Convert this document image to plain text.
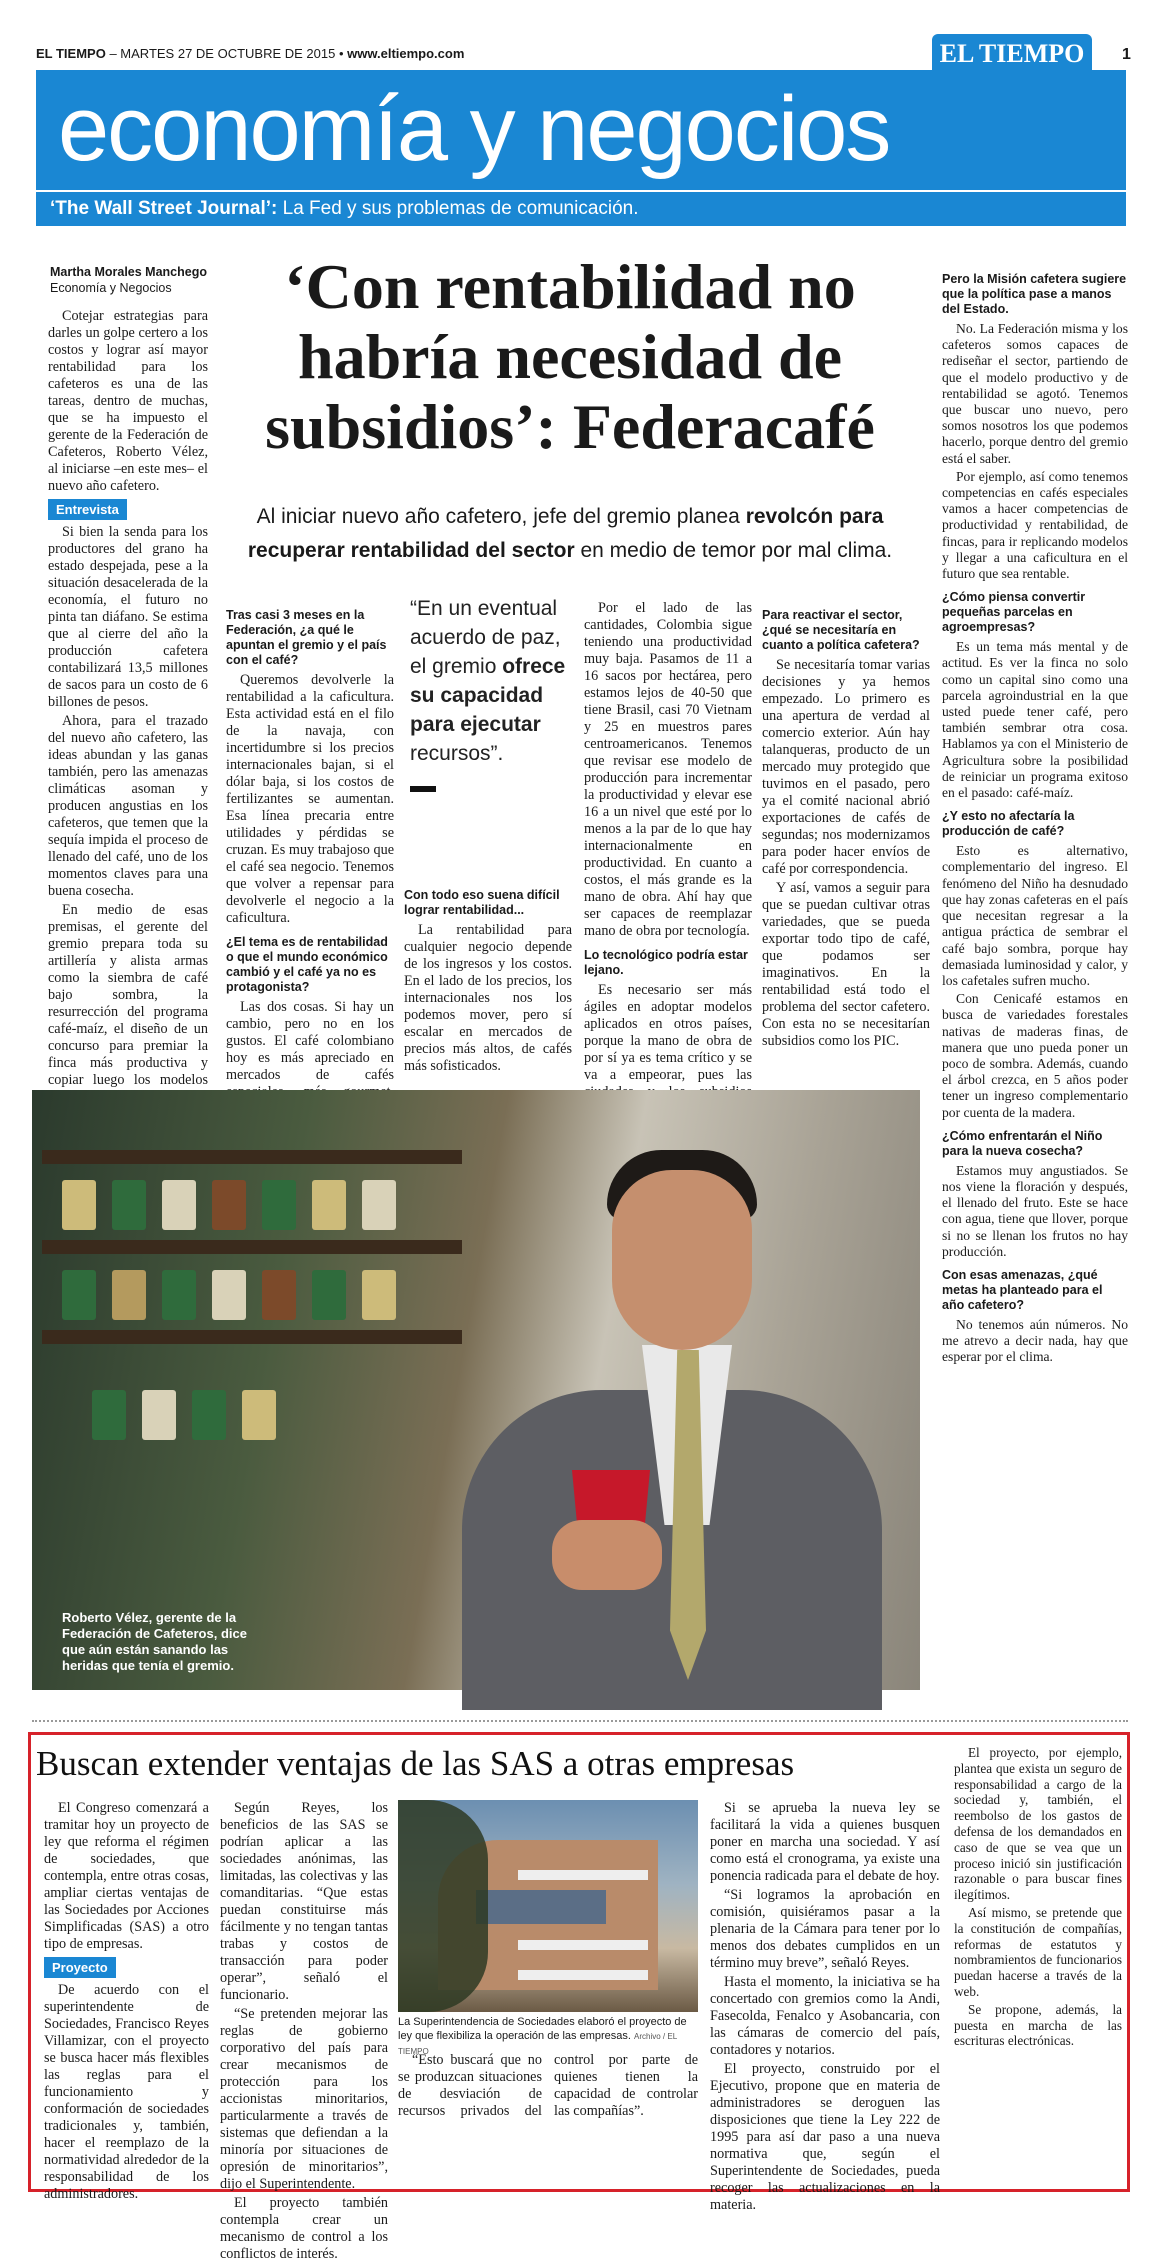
EL TIEMPO – MARTES 27 DE OCTUBRE DE 2015 • www.eltiempo.com	EL TIEMPO	1
economía y negocios
‘The Wall Street Journal’: La Fed y sus problemas de comunicación.
Martha Morales Manchego
Economía y Negocios	‘Con rentabilidad no habría necesidad de subsidios’: Federacafé
Al iniciar nuevo año cafetero, jefe del gremio planea revolcón para recuperar rentabilidad del sector en medio de temor por mal clima.

Cotejar estrategias para darles un golpe certero a los costos y lograr así mayor rentabilidad para los cafeteros es una de las tareas, dentro de muchas, que se ha impuesto el gerente de la Federación de Cafeteros, Roberto Vélez, al iniciarse –en este mes– el nuevo año cafetero.

Entrevista

Si bien la senda para los productores del grano ha estado despejada, pese a la situación desacelerada de la economía, el futuro no pinta tan diáfano. Se estima que al cierre del año la producción cafetera contabilizará 13,5 millones de sacos para un costo de 6 billones de pesos.

Ahora, para el trazado del nuevo año cafetero, las ideas abundan y las ganas también, pero las amenazas climáticas asoman y producen angustias en los cafeteros, que temen que la sequía impida el proceso de llenado del café, uno de los momentos claves para una buena cosecha.

En medio de esas premisas, el gerente del gremio prepara toda su artillería y alista armas como la siembra de café bajo sombra, la resurrección del programa café-maíz, el diseño de un concurso para premiar la finca más productiva y copiar luego los modelos

Tras casi 3 meses en la Federación, ¿a qué le apuntan el gremio y el país con el café?

Queremos devolverle la rentabilidad a la caficultura. Esta actividad está en el filo de la navaja, con incertidumbre si los precios internacionales bajan, si el dólar baja, si los costos de fertilizantes se aumentan. Esa línea precaria entre utilidades y pérdidas se cruzan. Es muy trabajoso que el café sea negocio. Tenemos que volver a repensar para devolverle el negocio a la caficultura.

¿El tema es de rentabilidad o que el mundo económico cambió y el café ya no es protagonista?

Las dos cosas. Si hay un cambio, pero no en los gustos. El café colombiano hoy es más apreciado en mercados de cafés

“En un eventual acuerdo de paz, el gremio ofrece su capacidad para ejecutar recursos”.
Con todo eso suena difícil lograr rentabilidad...

La rentabilidad para cualquier negocio depende de los ingresos y los costos. En el lado de los precios, los internacionales nos los podemos mover, pero sí escalar en mercados de precios más altos, de cafés más sofisticados.

Por el lado de las cantidades, Colombia sigue teniendo una productividad muy baja. Pasamos de 11 a 16 sacos por hectárea, pero estamos lejos de 40-50 que tiene Brasil, casi 70 Vietnam y 25 en muestros pares centroamericanos. Tenemos que revisar ese modelo de producción para incrementar la productividad y elevar ese 16 a un nivel que esté por lo menos a la par de lo que hay internacionalmente en productividad. En cuanto a costos, el más grande es la mano de obra. Ahí hay que ser capaces de reemplazar mano de obra por tecnología.

Lo tecnológico podría estar lejano.

Es necesario ser más ágiles en adoptar modelos aplicados en otros países, porque la mano de obra de por sí ya es tema crítico y se va a empeorar, pues las

Para reactivar el sector, ¿qué se necesitaría en cuanto a política cafetera?

Se necesitaría tomar varias decisiones y ya hemos empezado. Lo primero es una apertura de verdad al comercio exterior. Aún hay talanqueras, producto de un mercado muy protegido que tuvimos en el pasado, pero ya el comité nacional abrió exportaciones de cafés de segundas; nos modernizamos para poder hacer envíos de café por correspondencia.

Y así, vamos a seguir para que se puedan cultivar otras variedades, que se pueda exportar todo tipo de café, que podamos ser imaginativos. En la rentabilidad está todo el problema del sector cafetero. Con esta no se necesitarían subsidios como los PIC.

Pero la Misión cafetera sugiere que la política pase a manos del Estado.

No. La Federación misma y los cafeteros somos capaces de rediseñar el sector, partiendo de que el modelo productivo y de rentabilidad se agotó. Tenemos que buscar uno nuevo, pero somos nosotros los que podemos hacerlo, porque dentro del gremio está el saber.

Por ejemplo, así como tenemos competencias en cafés especiales vamos a hacer competencias de productividad y rentabilidad, de fincas, para ir replicando modelos y llegar a una caficultura en el futuro que sea rentable.

¿Cómo piensa convertir pequeñas parcelas en agroempresas?

Es un tema más mental y de actitud. Es ver la finca no solo como un capital sino como una parcela agroindustrial en la que usted puede tener café, pero también sembrar otra cosa. Hablamos ya con el Ministerio de Agricultura sobre la posibilidad de reiniciar un programa exitoso en el pasado: café-maíz.

¿Y esto no afectaría la producción de café?

Esto es alternativo, complementario del ingreso. El fenómeno del Niño ha desnudado que hay zonas cafeteras en el país que necesitan regresar a la antigua práctica de sembrar el café bajo sombra, porque hay demasiada luminosidad y calor, y los cafetales sufren mucho.

Con Cenicafé estamos en busca de variedades forestales nativas de maderas finas, de manera que uno pueda poner un poco de sombra. Además, cuando el árbol crezca, en 5 años poder tener un ingreso complementario por cuenta de la madera.

¿Cómo enfrentarán el Niño para la nueva cosecha?

Estamos muy angustiados. Se nos viene la floración y después, el llenado del fruto. Este se hace con agua, tiene que llover, porque si no se llenan los frutos no hay producción.

Con esas amenazas, ¿qué metas ha planteado para el año cafetero?

No tenemos aún números. No me atrevo a decir nada, hay que esperar por el clima.

Roberto Vélez, gerente de la Federación de Cafeteros, dice que aún están sanando las heridas que tenía el gremio.
Buscan extender ventajas de las SAS a otras empresas

El Congreso comenzará a tramitar hoy un proyecto de ley que reforma el régimen de sociedades, que contempla, entre otras cosas, ampliar ciertas ventajas de las Sociedades por Acciones Simplificadas (SAS) a otro tipo de empresas.

Proyecto

De acuerdo con el superintendente de Sociedades, Francisco Reyes Villamizar, con el proyecto se busca hacer más flexibles las reglas para el funcionamiento y conformación de sociedades tradicionales y, también, hacer el reemplazo de la normatividad alrededor de la responsabilidad de los administradores.

Según Reyes, los beneficios de las SAS se podrían aplicar a las sociedades anónimas, las limitadas, las colectivas y las comanditarias. “Que estas puedan constituirse más fácilmente y no tengan tantas trabas y costos de transacción para poder operar”, señaló el funcionario.

“Se pretenden mejorar las reglas de gobierno corporativo del país para crear mecanismos de protección para los accionistas minoritarios, particularmente a través de sistemas que defiendan a la minoría por situaciones de opresión de minoritarios”, dijo el Superintendente.

El proyecto también contempla crear un mecanismo de control a los conflictos de interés.

La Superintendencia de Sociedades elaboró el proyecto de ley que flexibiliza la operación de las empresas. Archivo / EL TIEMPO

“Esto buscará que no se produzcan situaciones de desviación de recursos privados del control por parte de quienes tienen la capacidad de controlar las compañías”.

Si se aprueba la nueva ley se facilitará la vida a quienes busquen poner en marcha una sociedad. Y así como está el cronograma, ya existe una ponencia radicada para el debate de hoy.

“Si logramos la aprobación en comisión, quisiéramos pasar a la plenaria de la Cámara para tener por lo menos dos debates cumplidos en un término muy breve”, señaló Reyes.

Hasta el momento, la iniciativa se ha concertado con gremios como la Andi, Fasecolda, Fenalco y Asobancaria, con las cámaras de comercio del país, contadores y notarios.

El proyecto, construido por el Ejecutivo, propone que en materia de administradores se deroguen las disposiciones que tiene la Ley 222 de 1995 para así dar paso a una nueva normativa que, según el Superintendente de Sociedades, pueda recoger las actualizaciones en la materia.

El proyecto, por ejemplo, plantea que exista un seguro de responsabilidad a cargo de la sociedad y, también, el reembolso de los gastos de defensa de los demandados en caso de que se vea que un proceso inició sin justificación razonable o para buscar fines ilegítimos.

Así mismo, se pretende que la constitución de compañías, reformas de estatutos y nombramientos de funcionarios puedan hacerse a través de la web.

Se propone, además, la puesta en marcha de las escrituras electrónicas.
